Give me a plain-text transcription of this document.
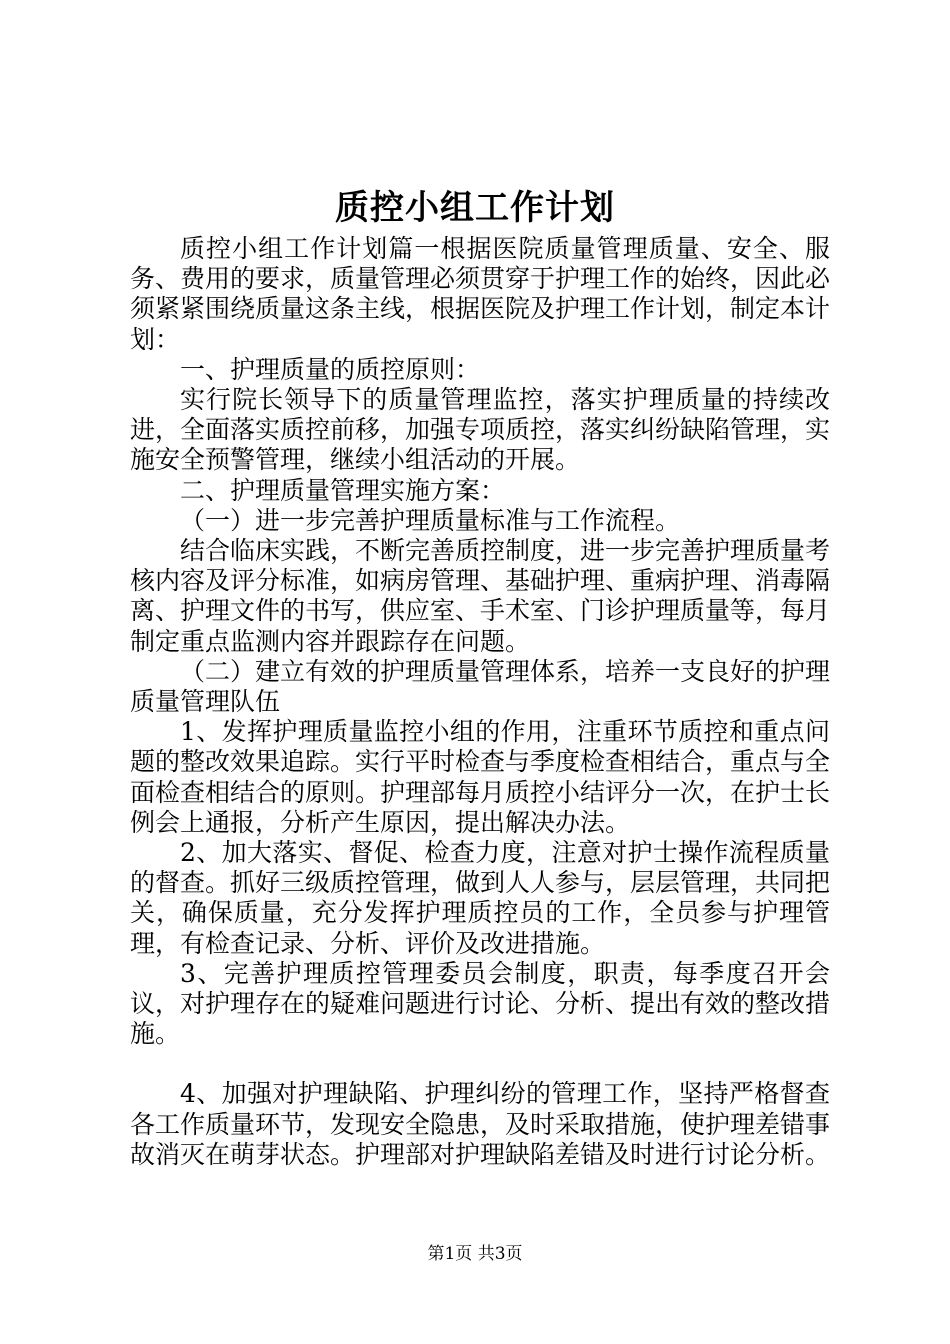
质控小组工作计划

质控小组工作计划篇一根据医院质量管理质量、安全、服务、费用的要求，质量管理必须贯穿于护理工作的始终，因此必须紧紧围绕质量这条主线，根据医院及护理工作计划，制定本计划：

一、护理质量的质控原则：

实行院长领导下的质量管理监控，落实护理质量的持续改进，全面落实质控前移，加强专项质控，落实纠纷缺陷管理，实施安全预警管理，继续小组活动的开展。

二、护理质量管理实施方案：

（一）进一步完善护理质量标准与工作流程。

结合临床实践，不断完善质控制度，进一步完善护理质量考核内容及评分标准，如病房管理、基础护理、重病护理、消毒隔离、护理文件的书写，供应室、手术室、门诊护理质量等，每月制定重点监测内容并跟踪存在问题。

（二）建立有效的护理质量管理体系，培养一支良好的护理质量管理队伍

1、发挥护理质量监控小组的作用，注重环节质控和重点问题的整改效果追踪。实行平时检查与季度检查相结合，重点与全面检查相结合的原则。护理部每月质控小结评分一次，在护士长例会上通报，分析产生原因，提出解决办法。

2、加大落实、督促、检查力度，注意对护士操作流程质量的督查。抓好三级质控管理，做到人人参与，层层管理，共同把关，确保质量，充分发挥护理质控员的工作，全员参与护理管理，有检查记录、分析、评价及改进措施。

3、完善护理质控管理委员会制度，职责，每季度召开会议，对护理存在的疑难问题进行讨论、分析、提出有效的整改措施。

4、加强对护理缺陷、护理纠纷的管理工作，坚持严格督查各工作质量环节，发现安全隐患，及时采取措施，使护理差错事故消灭在萌芽状态。护理部对护理缺陷差错及时进行讨论分析。

第1页 共3页
